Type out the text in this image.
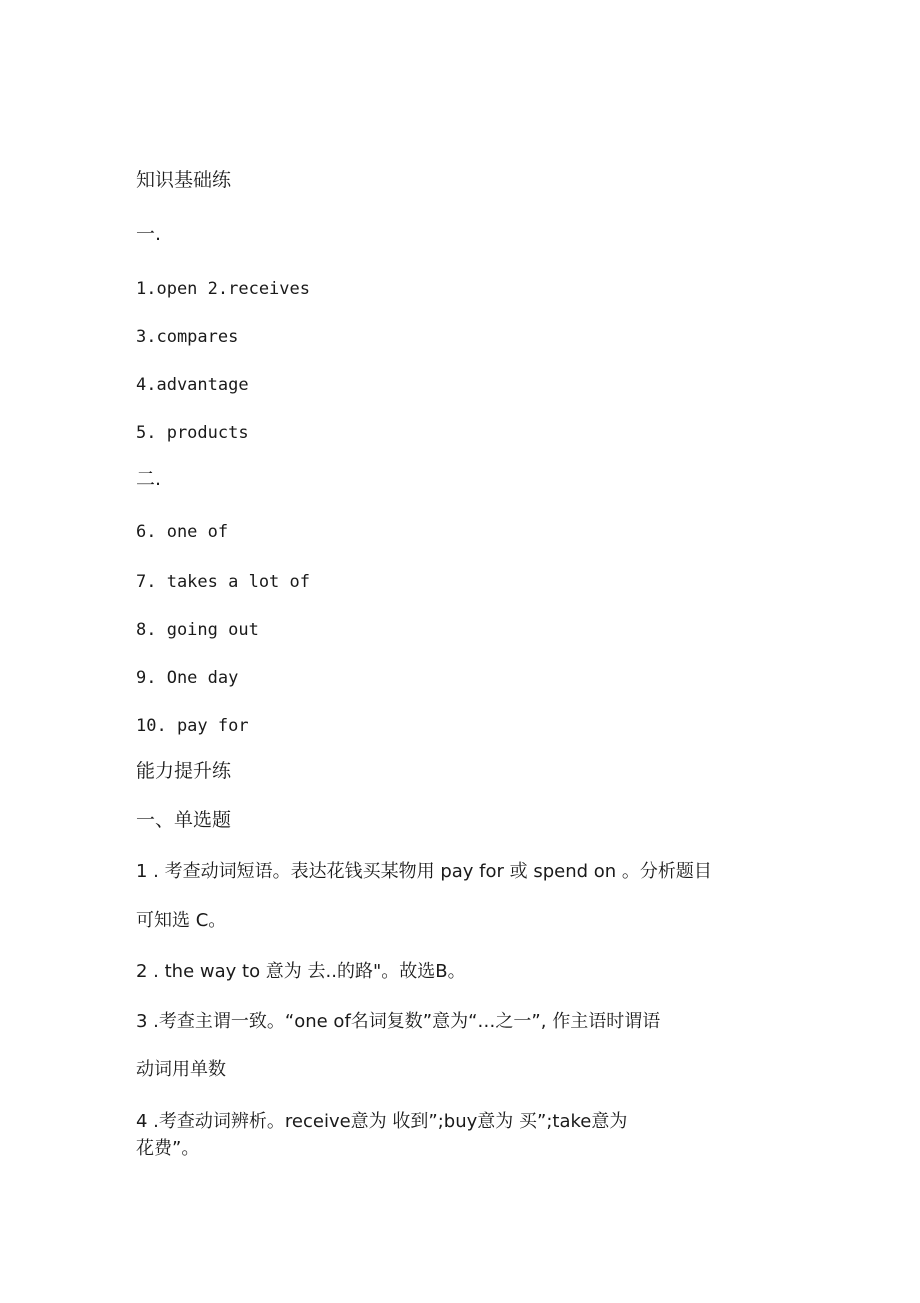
知识基础练
一.
1.open 2.receives
3.compares
4.advantage
5. products
二.
6. one of
7. takes a lot of
8. going out
9. One day
10. pay for
能力提升练
一、单选题
1 . 考查动词短语。表达花钱买某物用 pay for 或 spend on 。分析题目
可知选 C。
2 . the way to 意为 去..的路"。故选B。
3 .考查主谓一致。“one of名词复数”意为“…之一”, 作主语时谓语
动词用单数
4 .考查动词辨析。receive意为 收到”;buy意为 买”;take意为
花费”。
